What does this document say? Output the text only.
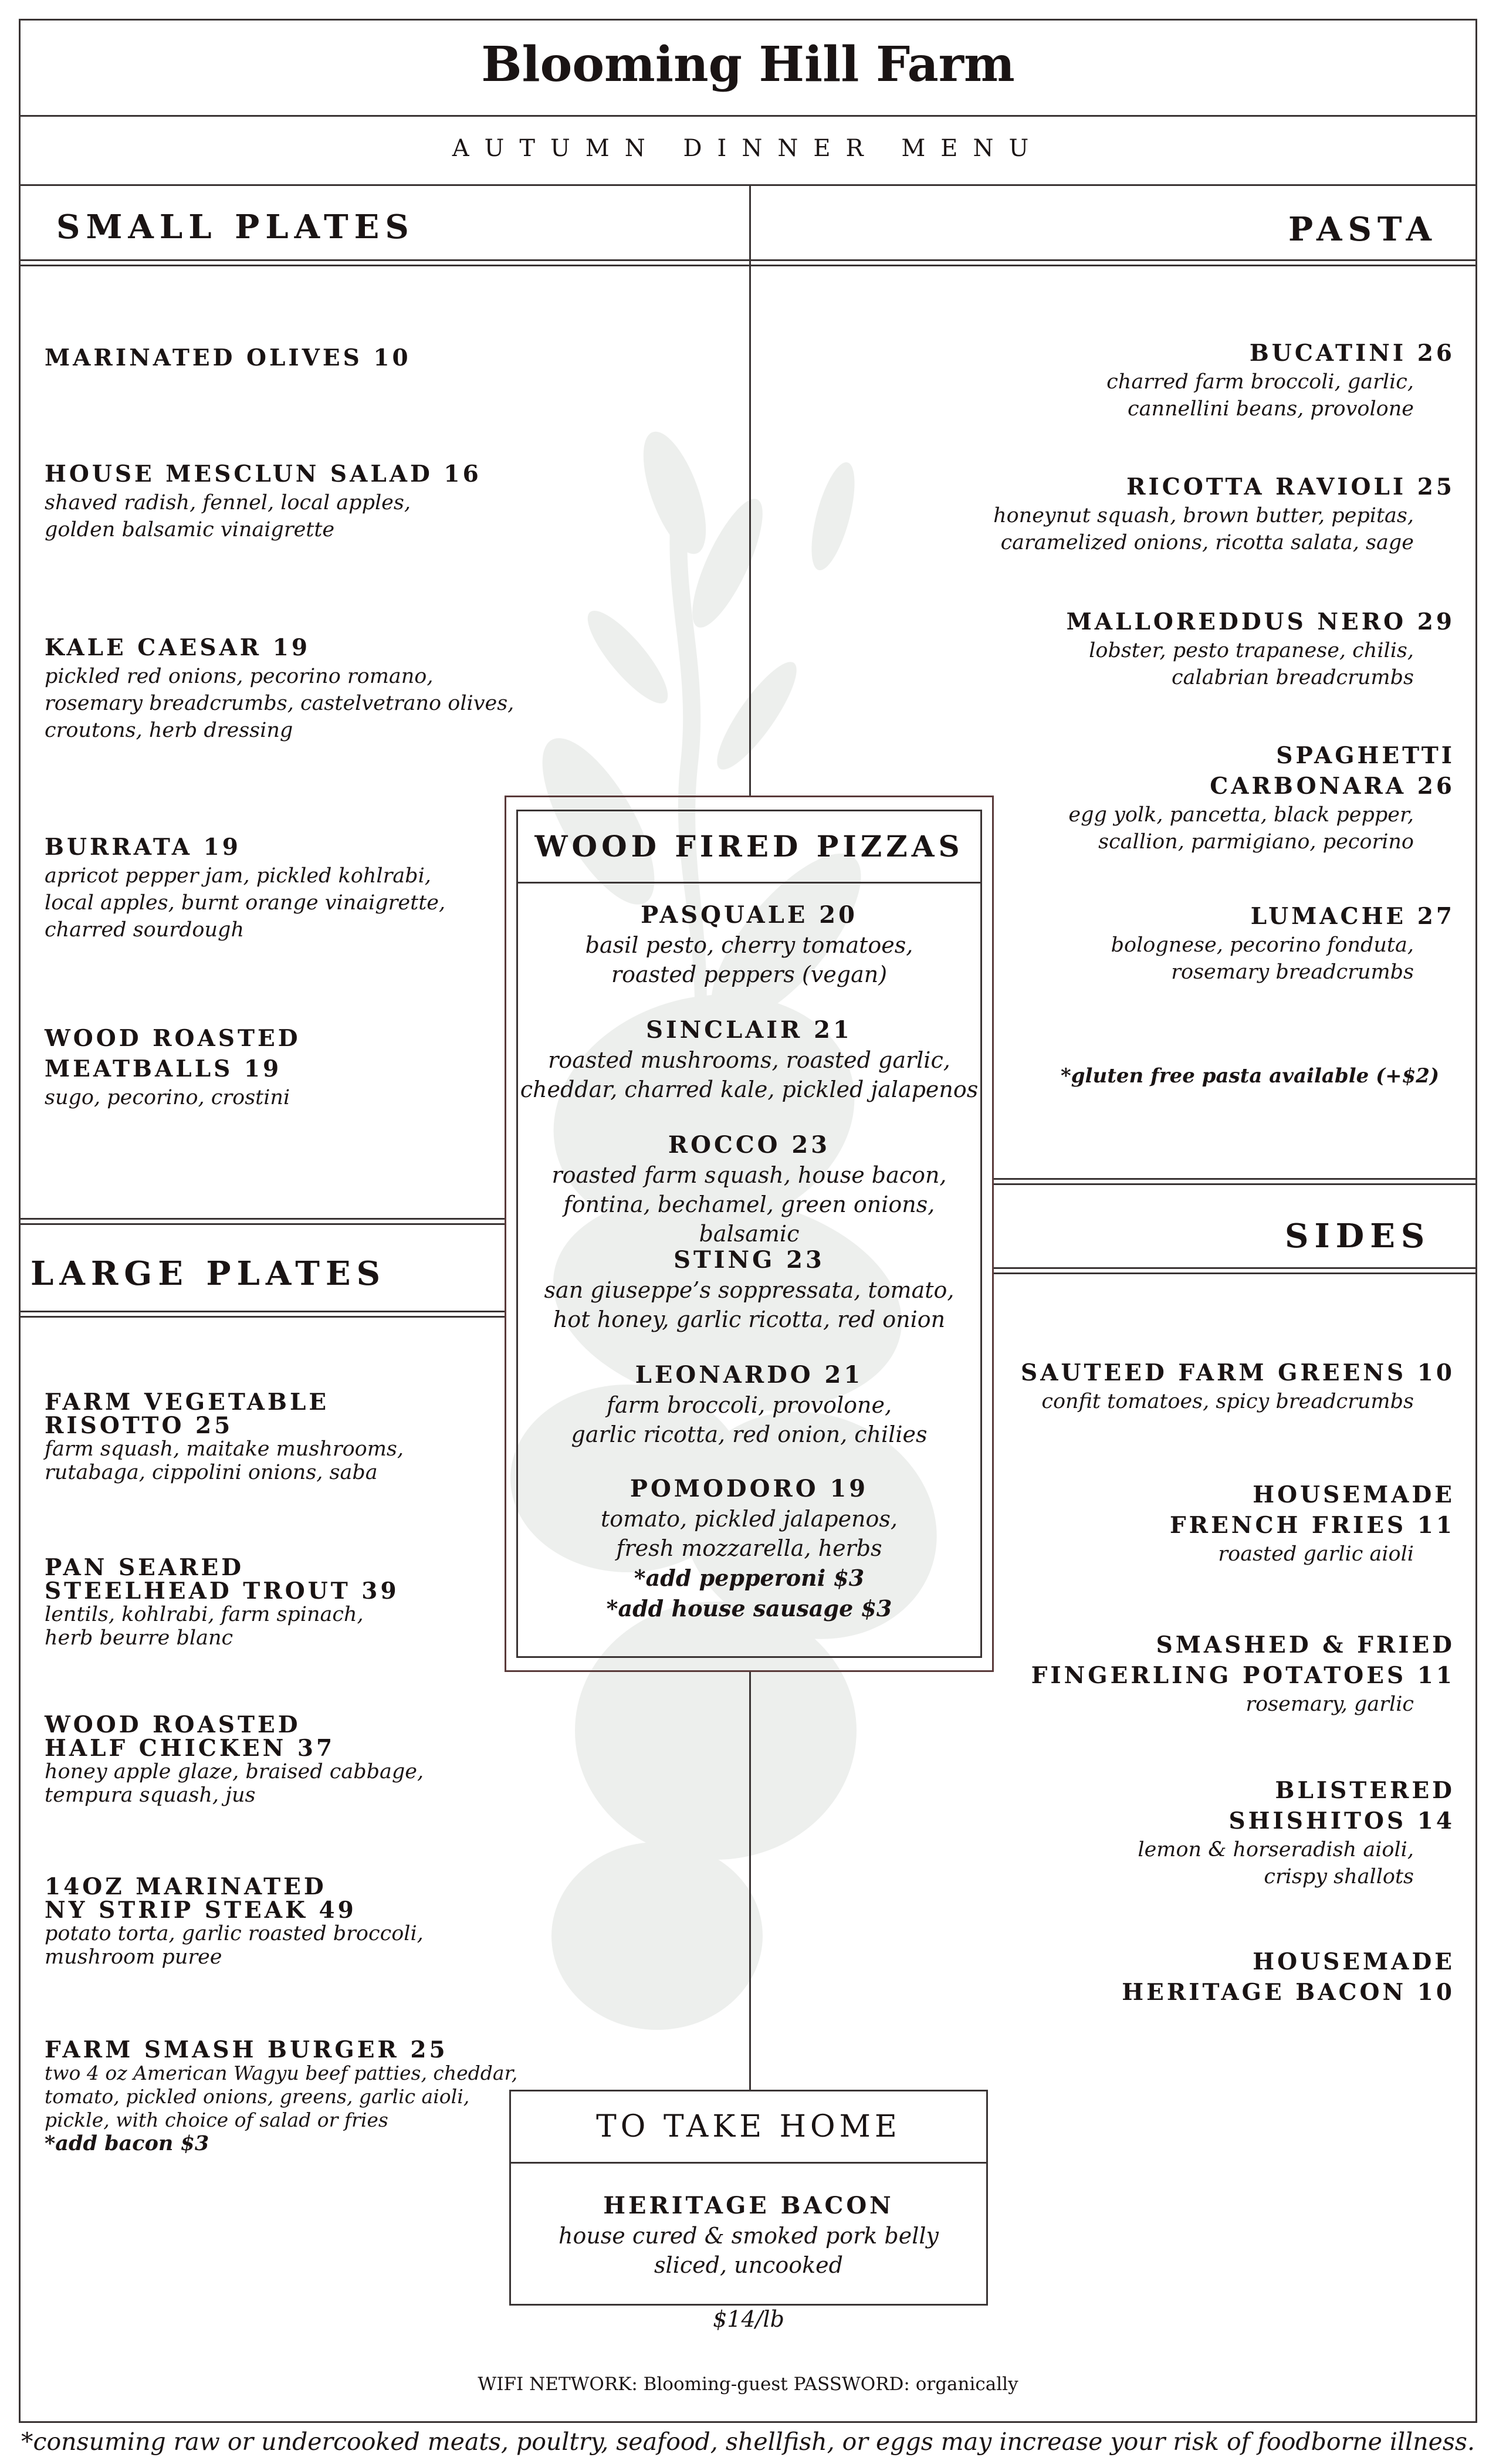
Blooming Hill Farm
AUTUMN DINNER MENU
SMALL PLATES
MARINATED OLIVES 10
HOUSE MESCLUN SALAD 16
shaved radish, fennel, local apples,
golden balsamic vinaigrette
KALE CAESAR 19
pickled red onions, pecorino romano,
rosemary breadcrumbs, castelvetrano olives,
croutons, herb dressing
BURRATA 19
apricot pepper jam, pickled kohlrabi,
local apples, burnt orange vinaigrette,
charred sourdough
WOOD ROASTED
MEATBALLS 19
sugo, pecorino, crostini
PASTA
BUCATINI 26
charred farm broccoli, garlic,
cannellini beans, provolone
RICOTTA RAVIOLI 25
honeynut squash, brown butter, pepitas,
caramelized onions, ricotta salata, sage
MALLOREDDUS NERO 29
lobster, pesto trapanese, chilis,
calabrian breadcrumbs
SPAGHETTI
CARBONARA 26
egg yolk, pancetta, black pepper,
scallion, parmigiano, pecorino
LUMACHE 27
bolognese, pecorino fonduta,
rosemary breadcrumbs
*gluten free pasta available (+$2)
SIDES
SAUTEED FARM GREENS 10
confit tomatoes, spicy breadcrumbs
HOUSEMADE
FRENCH FRIES 11
roasted garlic aioli
SMASHED & FRIED
FINGERLING POTATOES 11
rosemary, garlic
BLISTERED
SHISHITOS 14
lemon & horseradish aioli,
crispy shallots
HOUSEMADE
HERITAGE BACON 10
LARGE PLATES
FARM VEGETABLE
RISOTTO 25
farm squash, maitake mushrooms,
rutabaga, cippolini onions, saba
PAN SEARED
STEELHEAD TROUT 39
lentils, kohlrabi, farm spinach,
herb beurre blanc
WOOD ROASTED
HALF CHICKEN 37
honey apple glaze, braised cabbage,
tempura squash, jus
14OZ MARINATED
NY STRIP STEAK 49
potato torta, garlic roasted broccoli,
mushroom puree
FARM SMASH BURGER 25
two 4 oz American Wagyu beef patties, cheddar,
tomato, pickled onions, greens, garlic aioli,
pickle, with choice of salad or fries
*add bacon $3
WOOD FIRED PIZZAS
PASQUALE 20
basil pesto, cherry tomatoes,
roasted peppers (vegan)
SINCLAIR 21
roasted mushrooms, roasted garlic,
cheddar, charred kale, pickled jalapenos
ROCCO 23
roasted farm squash, house bacon,
fontina, bechamel, green onions, balsamic
STING 23
san giuseppe’s soppressata, tomato,
hot honey, garlic ricotta, red onion
LEONARDO 21
farm broccoli, provolone,
garlic ricotta, red onion, chilies
POMODORO 19
tomato, pickled jalapenos,
fresh mozzarella, herbs
*add pepperoni $3
*add house sausage $3
TO TAKE HOME
HERITAGE BACON
house cured & smoked pork belly
sliced, uncooked
$14/lb
WIFI NETWORK: Blooming-guest PASSWORD: organically
*consuming raw or undercooked meats, poultry, seafood, shellfish, or eggs may increase your risk of foodborne illness.
